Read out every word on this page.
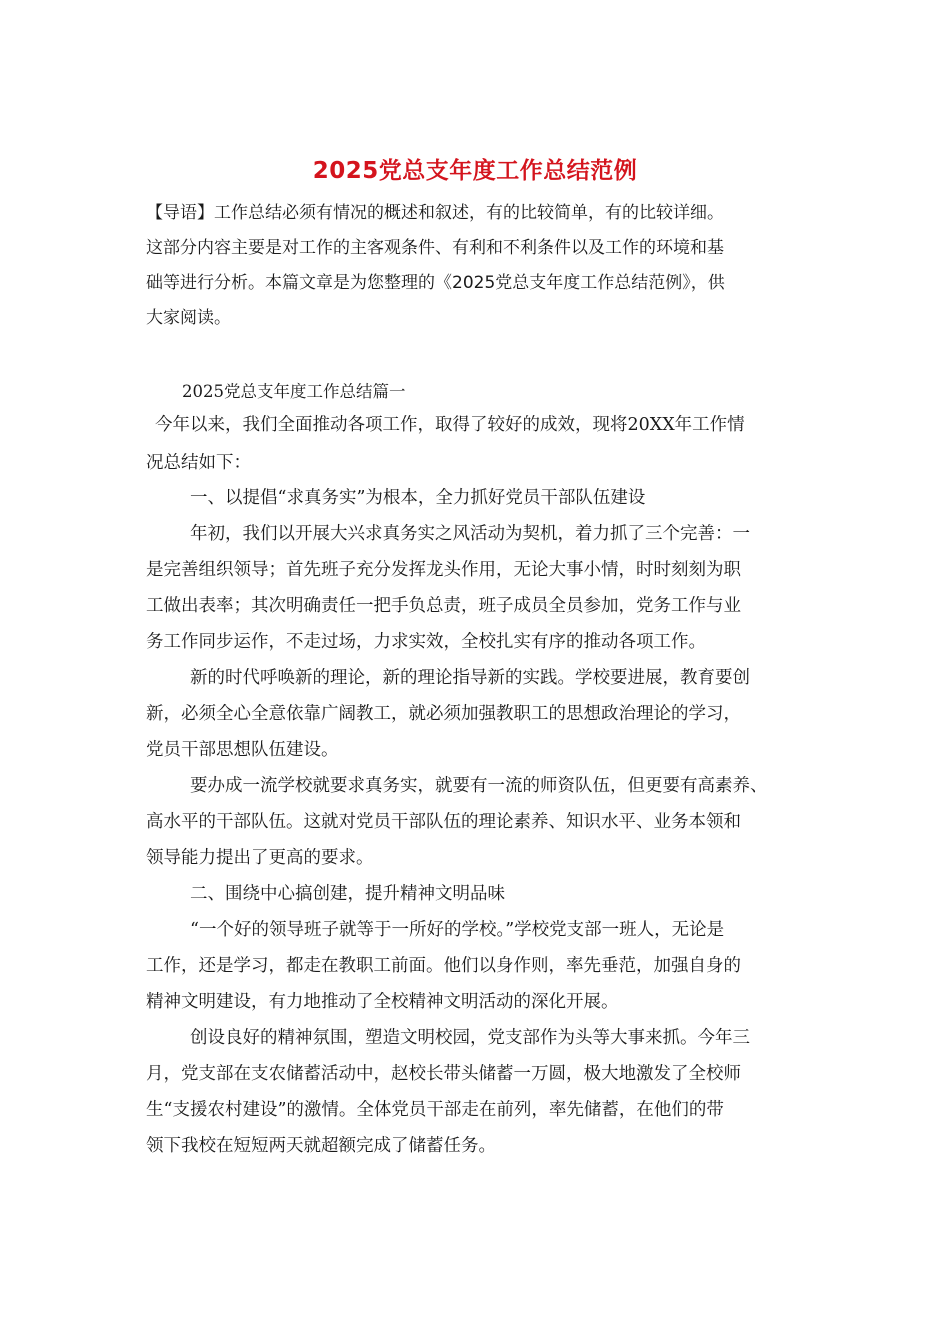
2025党总支年度工作总结范例
【导语】工作总结必须有情况的概述和叙述，有的比较简单，有的比较详细。
这部分内容主要是对工作的主客观条件、有利和不利条件以及工作的环境和基
础等进行分析。本篇文章是为您整理的《2025党总支年度工作总结范例》，供
大家阅读。
2025党总支年度工作总结篇一
今年以来，我们全面推动各项工作，取得了较好的成效，现将20XX年工作情
况总结如下：
一、以提倡“求真务实”为根本，全力抓好党员干部队伍建设
年初，我们以开展大兴求真务实之风活动为契机，着力抓了三个完善：一
是完善组织领导；首先班子充分发挥龙头作用，无论大事小情，时时刻刻为职
工做出表率；其次明确责任一把手负总责，班子成员全员参加，党务工作与业
务工作同步运作，不走过场，力求实效，全校扎实有序的推动各项工作。
新的时代呼唤新的理论，新的理论指导新的实践。学校要进展，教育要创
新，必须全心全意依靠广阔教工，就必须加强教职工的思想政治理论的学习，
党员干部思想队伍建设。
要办成一流学校就要求真务实，就要有一流的师资队伍，但更要有高素养、
高水平的干部队伍。这就对党员干部队伍的理论素养、知识水平、业务本领和
领导能力提出了更高的要求。
二、围绕中心搞创建，提升精神文明品味
“一个好的领导班子就等于一所好的学校。”学校党支部一班人，无论是
工作，还是学习，都走在教职工前面。他们以身作则，率先垂范，加强自身的
精神文明建设，有力地推动了全校精神文明活动的深化开展。
创设良好的精神氛围，塑造文明校园，党支部作为头等大事来抓。今年三
月，党支部在支农储蓄活动中，赵校长带头储蓄一万圆，极大地激发了全校师
生“支援农村建设”的激情。全体党员干部走在前列，率先储蓄，在他们的带
领下我校在短短两天就超额完成了储蓄任务。
